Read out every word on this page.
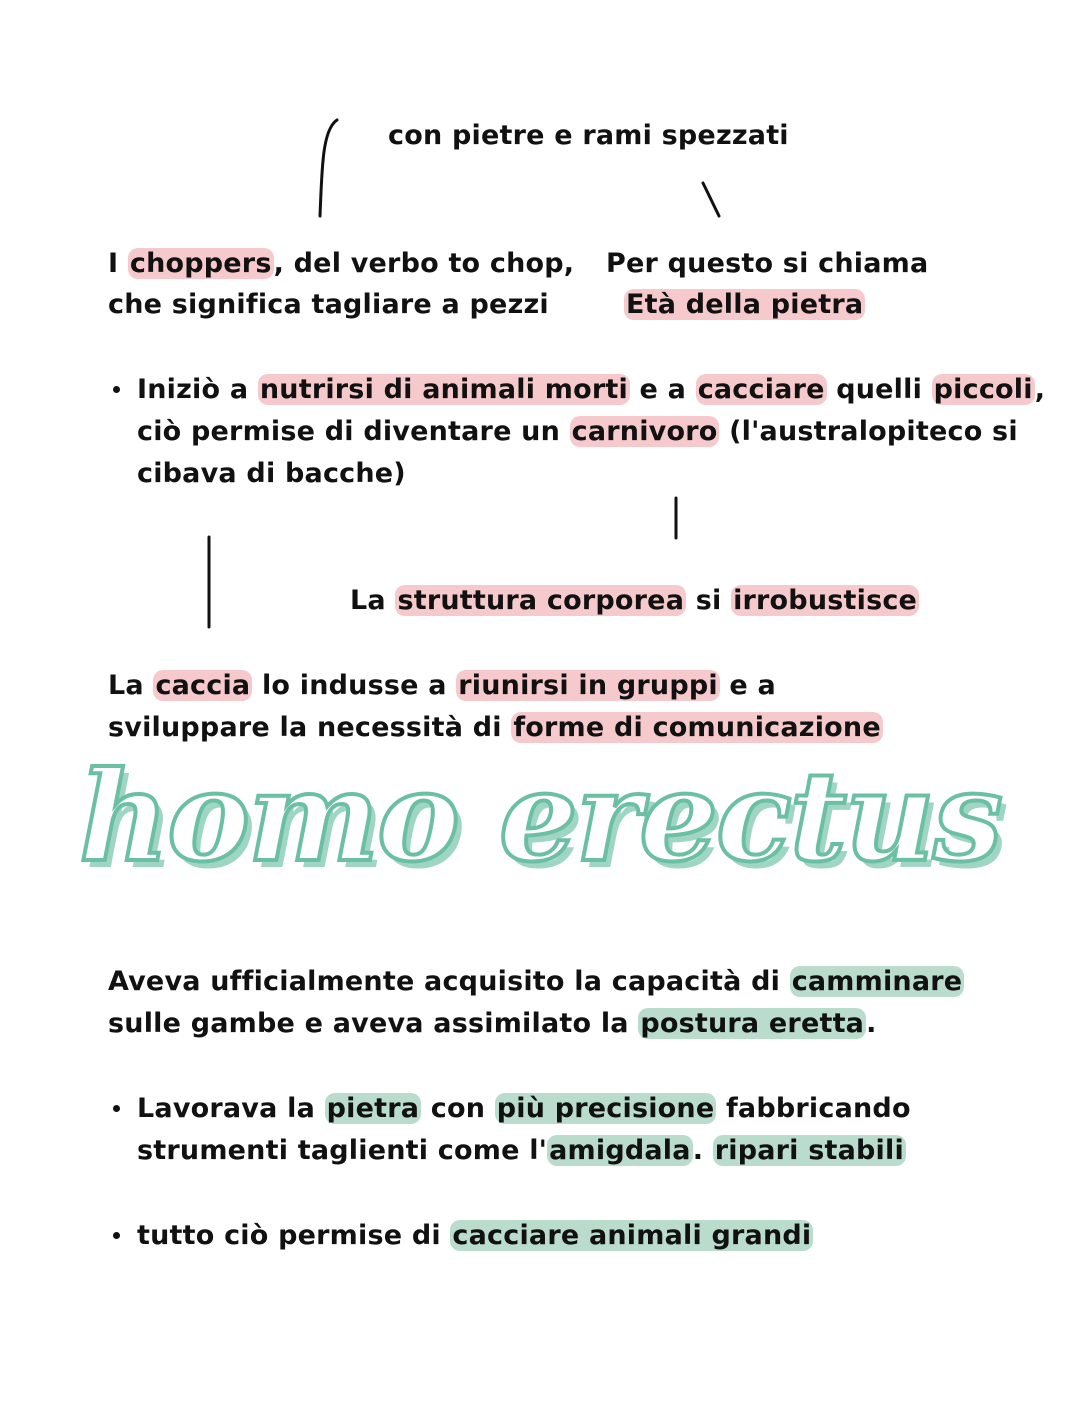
con pietre e rami spezzati
I choppers, del verbo to chop,
che significa tagliare a pezzi
Per questo si chiama
Età della pietra
Iniziò a nutrirsi di animali morti e a cacciare quelli piccoli,
ciò permise di diventare un carnivoro (l'australopiteco si
cibava di bacche)
La struttura corporea si irrobustisce
La caccia lo indusse a riunirsi in gruppi e a
sviluppare la necessità di forme di comunicazione
homo erectus
Aveva ufficialmente acquisito la capacità di camminare
sulle gambe e aveva assimilato la postura eretta.
Lavorava la pietra con più precisione fabbricando
strumenti taglienti come l'amigdala. ripari stabili
tutto ciò permise di cacciare animali grandi
